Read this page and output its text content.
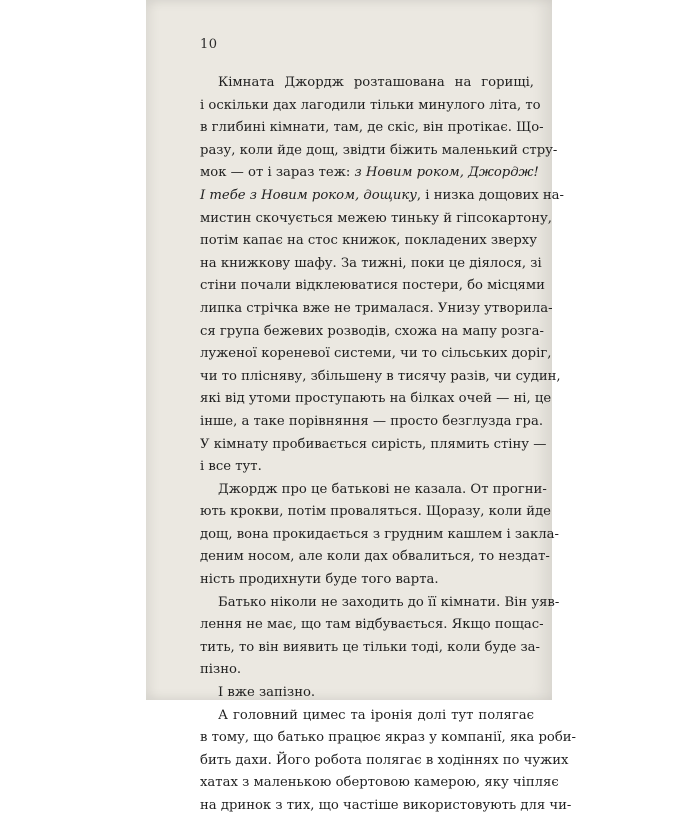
10
Кімната Джордж розташована на горищі,
і оскільки дах лагодили тільки минулого літа, то
в глибині кімнати, там, де скіс, він протікає. Що-
разу, коли йде дощ, звідти біжить маленький стру-
мок — от і зараз теж: з Новим роком, Джордж!
І тебе з Новим роком, дощику, і низка дощових на-
мистин скочується межею тиньку й гіпсокартону,
потім капає на стос книжок, покладених зверху
на книжкову шафу. За тижні, поки це діялося, зі
стіни почали відклеюватися постери, бо місцями
липка стрічка вже не трималася. Унизу утворила-
ся група бежевих розводів, схожа на мапу розга-
луженої кореневої системи, чи то сільських доріг,
чи то плісняву, збільшену в тисячу разів, чи судин,
які від утоми проступають на білках очей — ні, це
інше, а таке порівняння — просто безглузда гра.
У кімнату пробивається сирість, плямить стіну —
і все тут.
Джордж про це батькові не казала. От прогни-
ють крокви, потім проваляться. Щоразу, коли йде
дощ, вона прокидається з грудним кашлем і закла-
деним носом, але коли дах обвалиться, то нездат-
ність продихнути буде того варта.
Батько ніколи не заходить до її кімнати. Він уяв-
лення не має, що там відбувається. Якщо пощас-
тить, то він виявить це тільки тоді, коли буде за-
пізно.
І вже запізно.
А головний цимес та іронія долі тут полягає
в тому, що батько працює якраз у компанії, яка роби-
бить дахи. Його робота полягає в ходіннях по чужих
хатах з маленькою обертовою камерою, яку чіпляє
на дринок з тих, що частіше використовують для чи-
